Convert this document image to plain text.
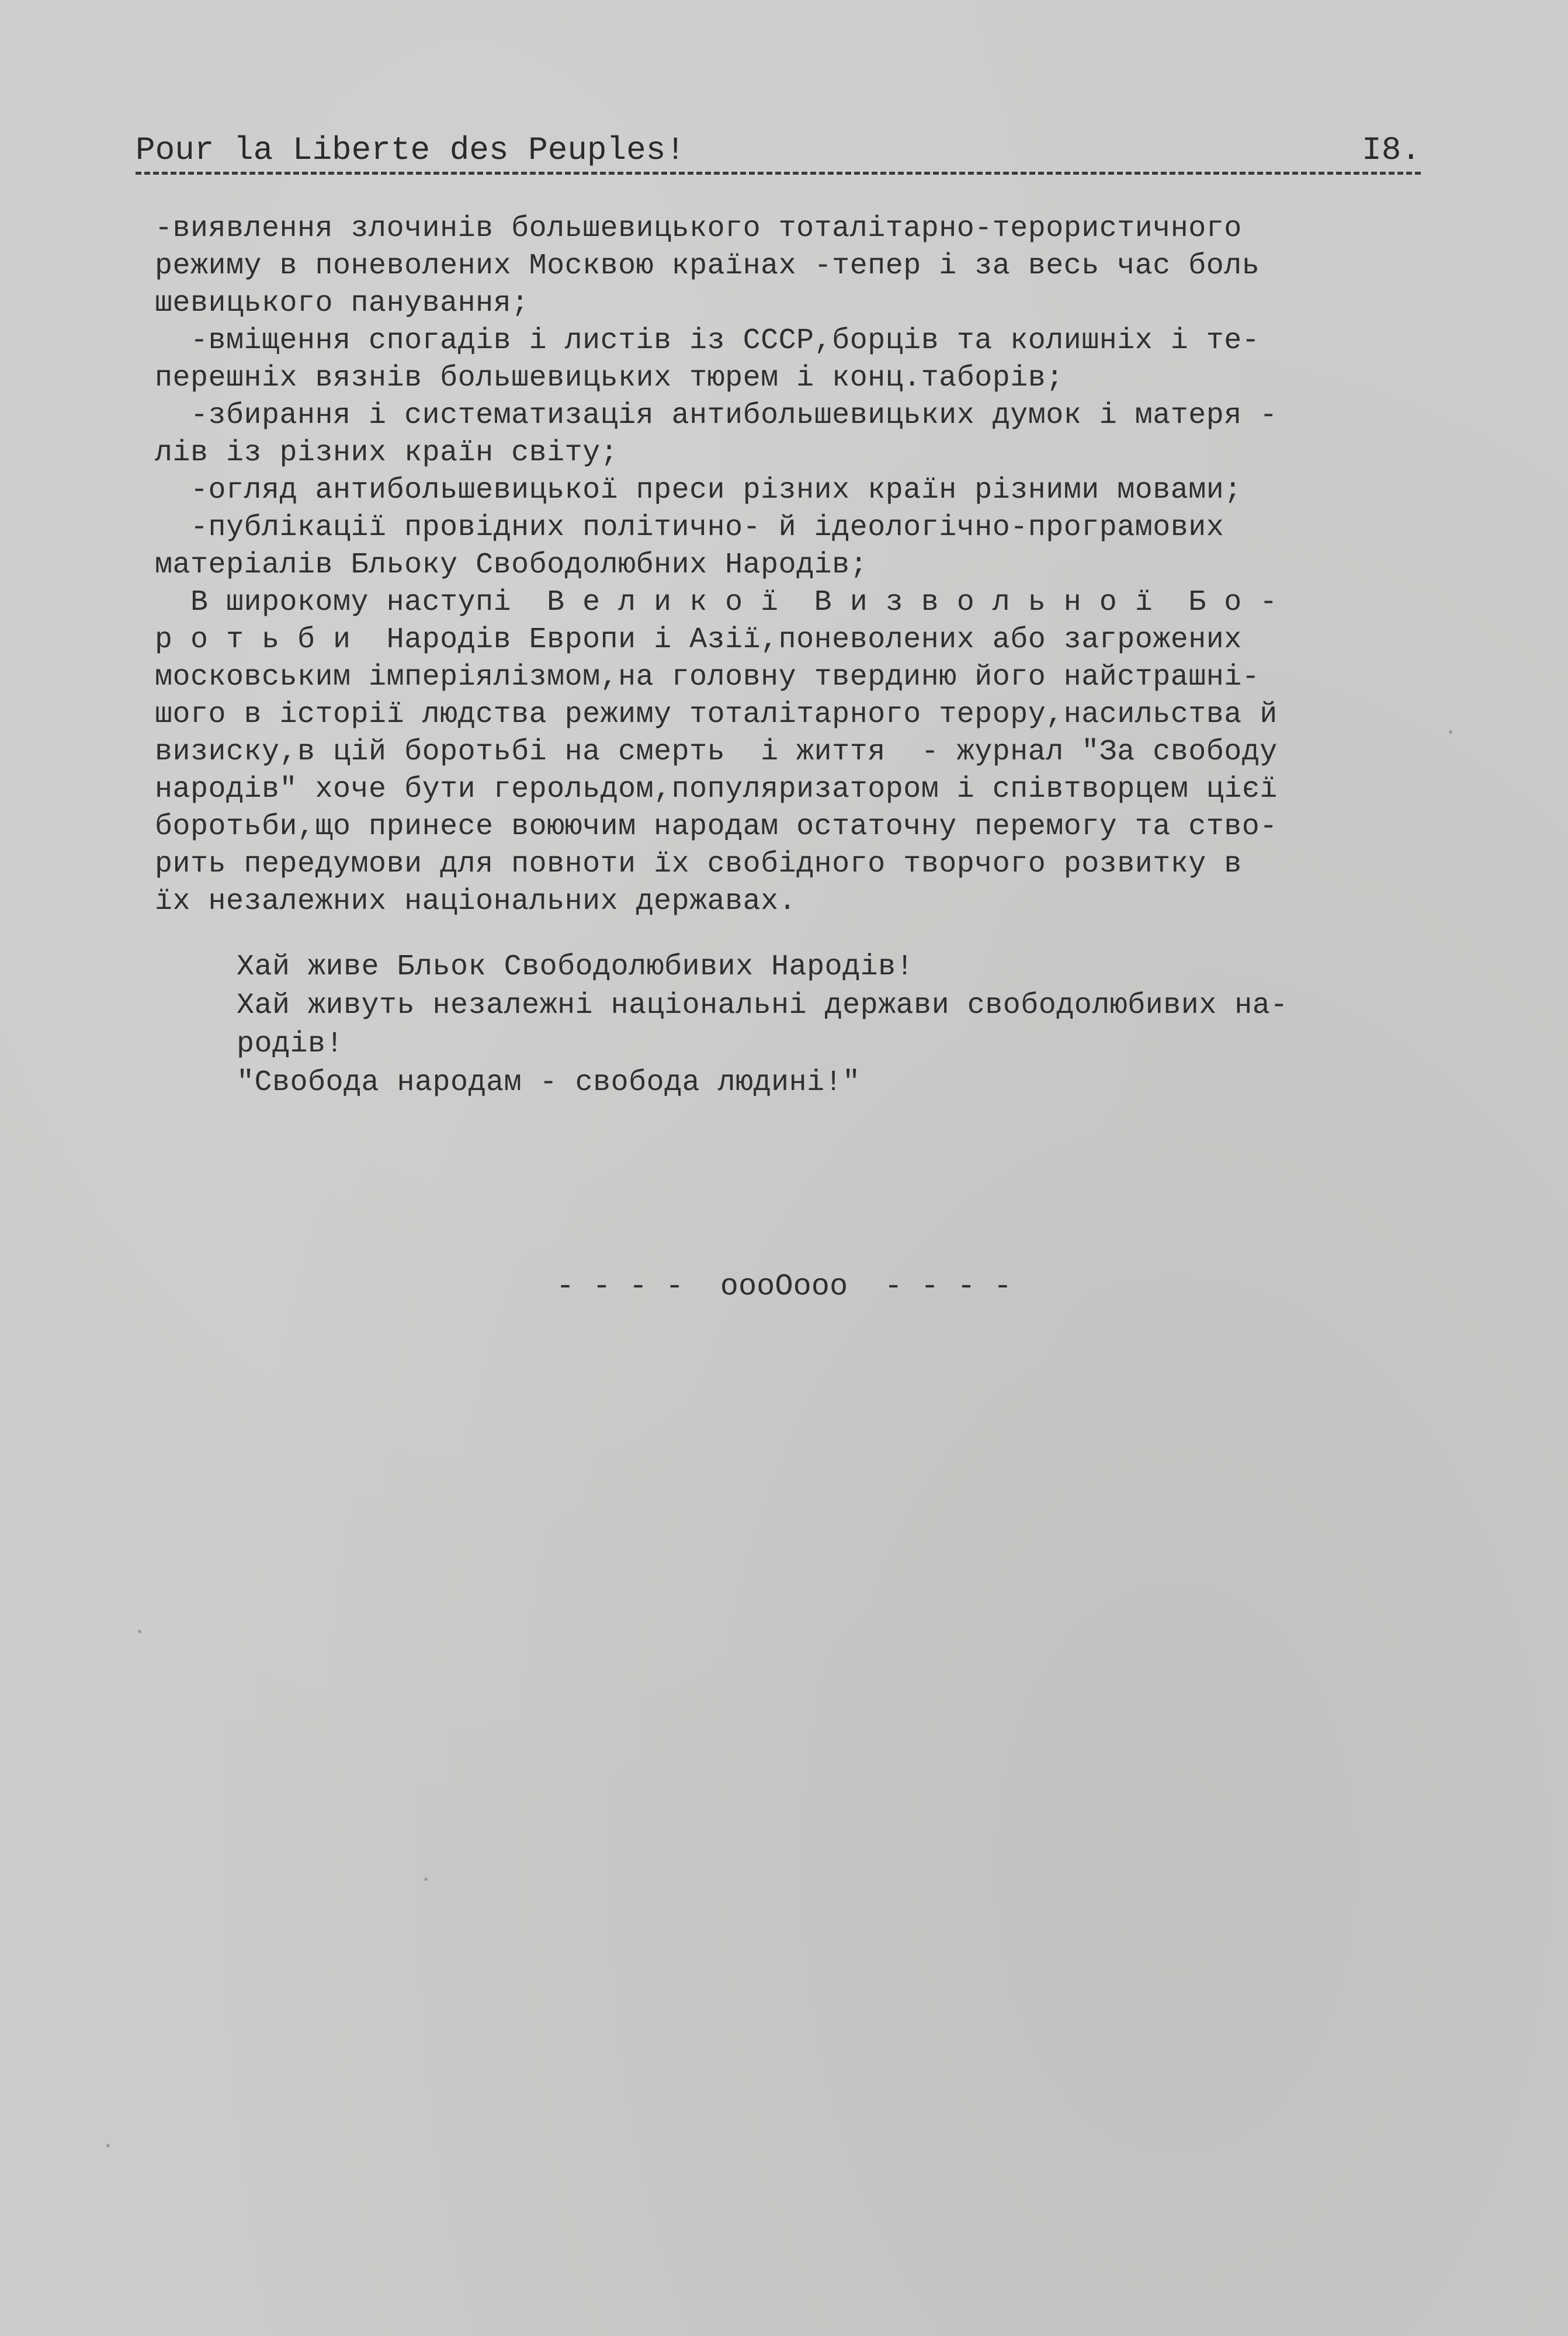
Pour la Liberte des Peuples!	I8.

-виявлення злочинів большевицького тоталітарно-терористичного

режиму в поневолених Москвою країнах -тепер і за весь час боль

шевицького панування;

-вміщення спогадів і листів із СССР,борців та колишніх і те-

перешніх вязнів большевицьких тюрем і конц.таборів;

-збирання і систематизація антибольшевицьких думок і матеря -

лів із різних країн світу;

-огляд антибольшевицької преси різних країн різними мовами;

-публікації провідних політично- й ідеологічно-програмових

матеріалів Бльоку Свободолюбних Народів;

В широкому наступі  В е л и к о ї  В и з в о л ь н о ї  Б о -

р о т ь б и  Народів Европи і Азії,поневолених або загрожених

московським імперіялізмом,на головну твердиню його найстрашні-

шого в історії людства режиму тоталітарного терору,насильства й

визиску,в цій боротьбі на смерть  і життя  - журнал "За свободу

народів" хоче бути герольдом,популяризатором і співтворцем цієї

боротьби,що принесе воюючим народам остаточну перемогу та ство-

рить передумови для повноти їх свобідного творчого розвитку в

їх незалежних національних державах.

Хай живе Бльок Свободолюбивих Народів!

Хай живуть незалежні національні держави свободолюбивих на-

родів!

"Свобода народам - свобода людині!"

- - - -  oooOooo  - - - -
